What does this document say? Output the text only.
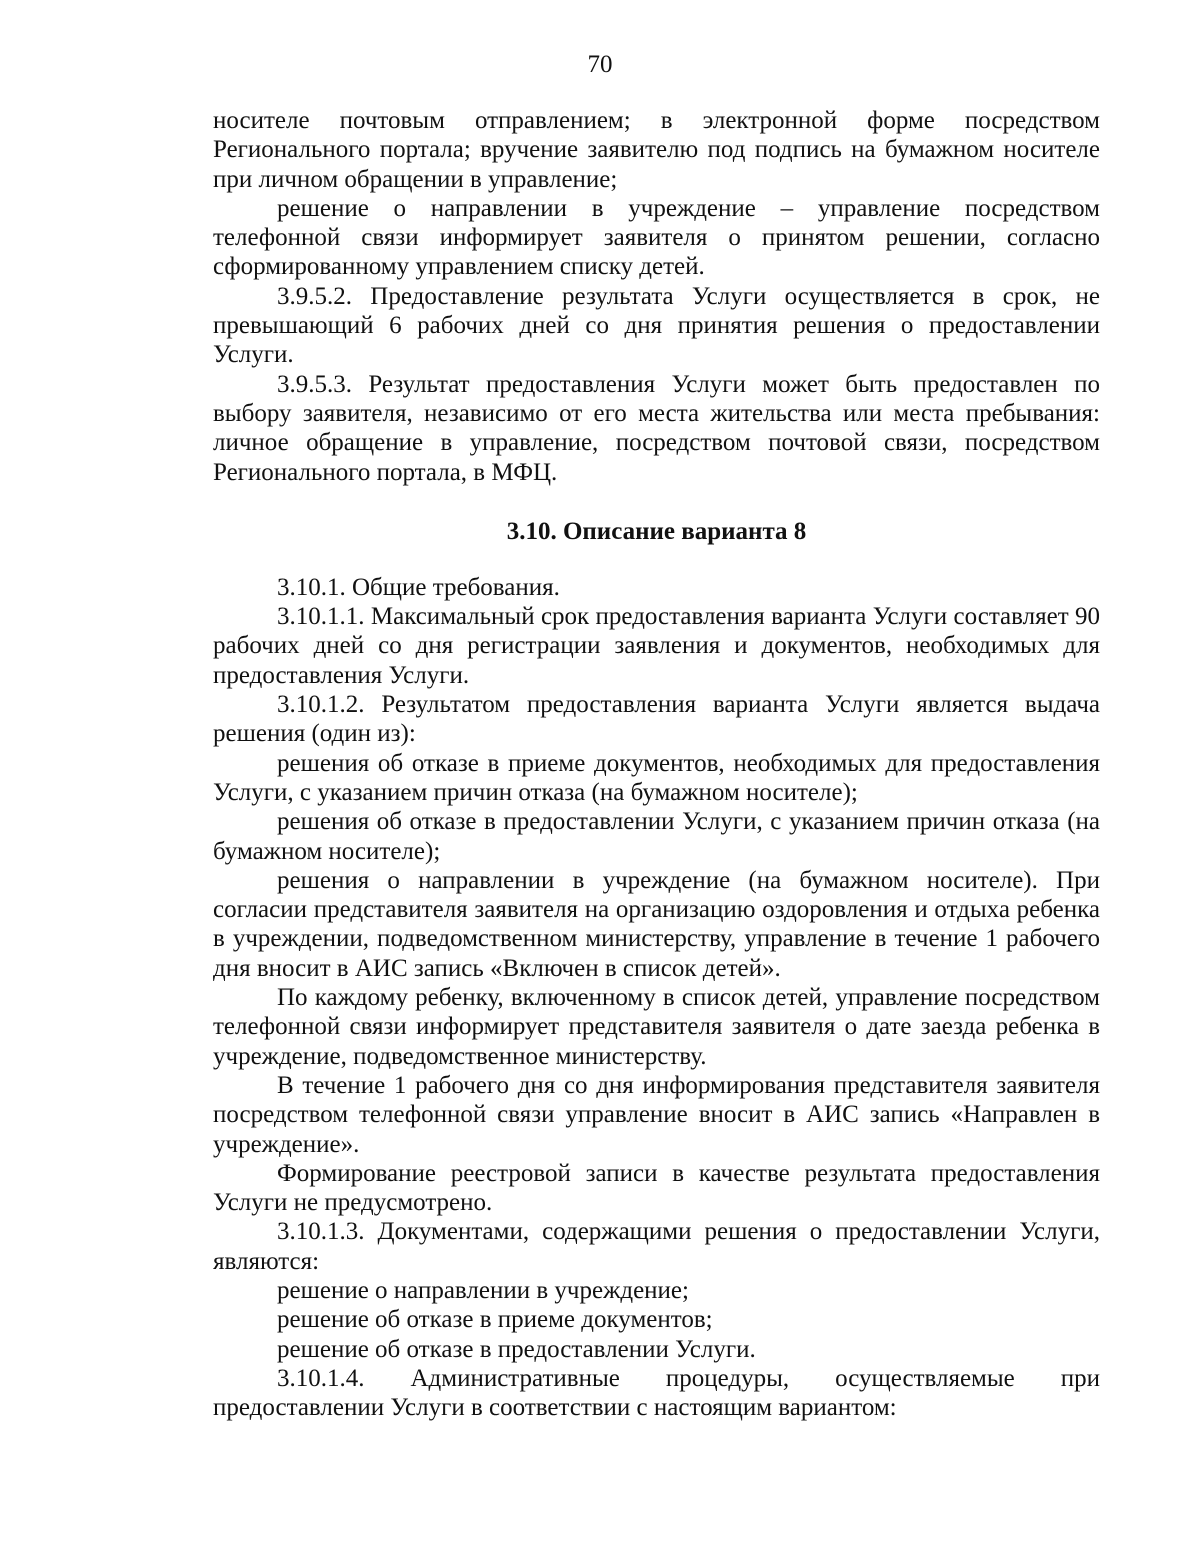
70

носителе почтовым отправлением; в электронной форме посредством Регионального портала; вручение заявителю под подпись на бумажном носителе при личном обращении в управление;

решение о направлении в учреждение – управление посредством телефонной связи информирует заявителя о принятом решении, согласно сформированному управлением списку детей.

3.9.5.2. Предоставление результата Услуги осуществляется в срок, не превышающий 6 рабочих дней со дня принятия решения о предоставлении Услуги.

3.9.5.3. Результат предоставления Услуги может быть предоставлен по выбору заявителя, независимо от его места жительства или места пребывания: личное обращение в управление, посредством почтовой связи, посредством Регионального портала, в МФЦ.

3.10. Описание варианта 8

3.10.1. Общие требования.

3.10.1.1. Максимальный срок предоставления варианта Услуги составляет 90 рабочих дней со дня регистрации заявления и документов, необходимых для предоставления Услуги.

3.10.1.2. Результатом предоставления варианта Услуги является выдача решения (один из):

решения об отказе в приеме документов, необходимых для предоставления Услуги, с указанием причин отказа (на бумажном носителе);

решения об отказе в предоставлении Услуги, с указанием причин отказа (на бумажном носителе);

решения о направлении в учреждение (на бумажном носителе). При согласии представителя заявителя на организацию оздоровления и отдыха ребенка в учреждении, подведомственном министерству, управление в течение 1 рабочего дня вносит в АИС запись «Включен в список детей».

По каждому ребенку, включенному в список детей, управление посредством телефонной связи информирует представителя заявителя о дате заезда ребенка в учреждение, подведомственное министерству.

В течение 1 рабочего дня со дня информирования представителя заявителя посредством телефонной связи управление вносит в АИС запись «Направлен в учреждение».

Формирование реестровой записи в качестве результата предоставления Услуги не предусмотрено.

3.10.1.3. Документами, содержащими решения о предоставлении Услуги, являются:

решение о направлении в учреждение;

решение об отказе в приеме документов;

решение об отказе в предоставлении Услуги.

3.10.1.4. Административные процедуры, осуществляемые при предоставлении Услуги в соответствии с настоящим вариантом:
